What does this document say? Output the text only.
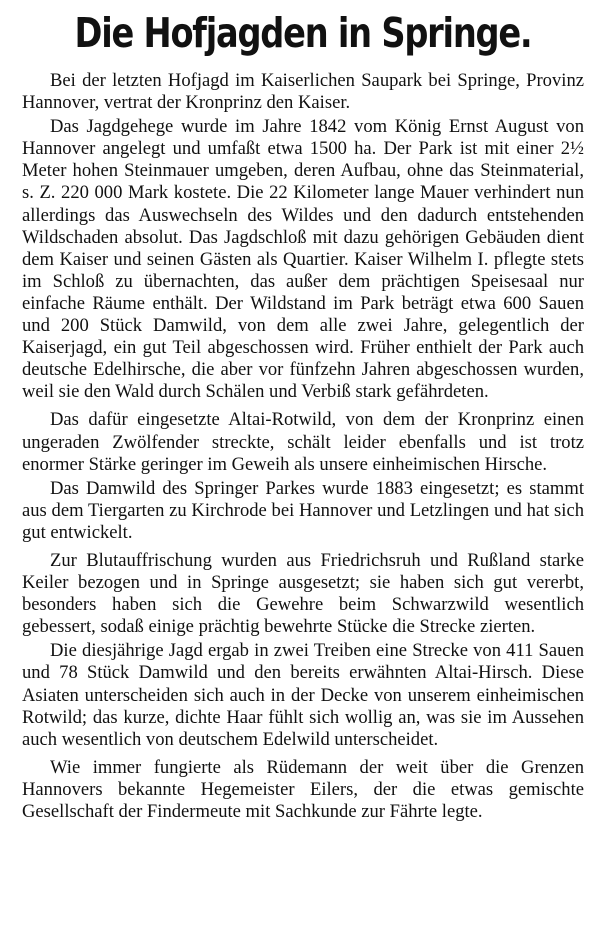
Die Hofjagden in Springe.

Bei der letzten Hofjagd im Kaiserlichen Saupark bei Springe, Provinz Hannover, vertrat der Kronprinz den Kaiser.

Das Jagdgehege wurde im Jahre 1842 vom König Ernst August von Hannover angelegt und umfaßt etwa 1500 ha. Der Park ist mit einer 2½ Meter hohen Steinmauer umgeben, deren Aufbau, ohne das Steinmaterial, s. Z. 220 000 Mark kostete. Die 22 Kilometer lange Mauer verhindert nun allerdings das Auswechseln des Wildes und den dadurch entstehenden Wildschaden absolut. Das Jagdschloß mit dazu gehörigen Gebäuden dient dem Kaiser und seinen Gästen als Quartier. Kaiser Wilhelm I. pflegte stets im Schloß zu übernachten, das außer dem prächtigen Speisesaal nur einfache Räume enthält. Der Wildstand im Park beträgt etwa 600 Sauen und 200 Stück Damwild, von dem alle zwei Jahre, gelegentlich der Kaiserjagd, ein gut Teil abgeschossen wird. Früher enthielt der Park auch deutsche Edelhirsche, die aber vor fünfzehn Jahren abgeschossen wurden, weil sie den Wald durch Schälen und Verbiß stark gefährdeten.

Das dafür eingesetzte Altai-Rotwild, von dem der Kronprinz einen ungeraden Zwölfender streckte, schält leider ebenfalls und ist trotz enormer Stärke geringer im Geweih als unsere einheimischen Hirsche.

Das Damwild des Springer Parkes wurde 1883 eingesetzt; es stammt aus dem Tiergarten zu Kirchrode bei Hannover und Letzlingen und hat sich gut entwickelt.

Zur Blutauffrischung wurden aus Friedrichsruh und Rußland starke Keiler bezogen und in Springe ausgesetzt; sie haben sich gut vererbt, besonders haben sich die Gewehre beim Schwarzwild wesentlich gebessert, sodaß einige prächtig bewehrte Stücke die Strecke zierten.

Die diesjährige Jagd ergab in zwei Treiben eine Strecke von 411 Sauen und 78 Stück Damwild und den bereits erwähnten Altai-Hirsch. Diese Asiaten unterscheiden sich auch in der Decke von unserem einheimischen Rotwild; das kurze, dichte Haar fühlt sich wollig an, was sie im Aussehen auch wesentlich von deutschem Edelwild unterscheidet.

Wie immer fungierte als Rüdemann der weit über die Grenzen Hannovers bekannte Hegemeister Eilers, der die etwas gemischte Gesellschaft der Findermeute mit Sachkunde zur Fährte legte.
